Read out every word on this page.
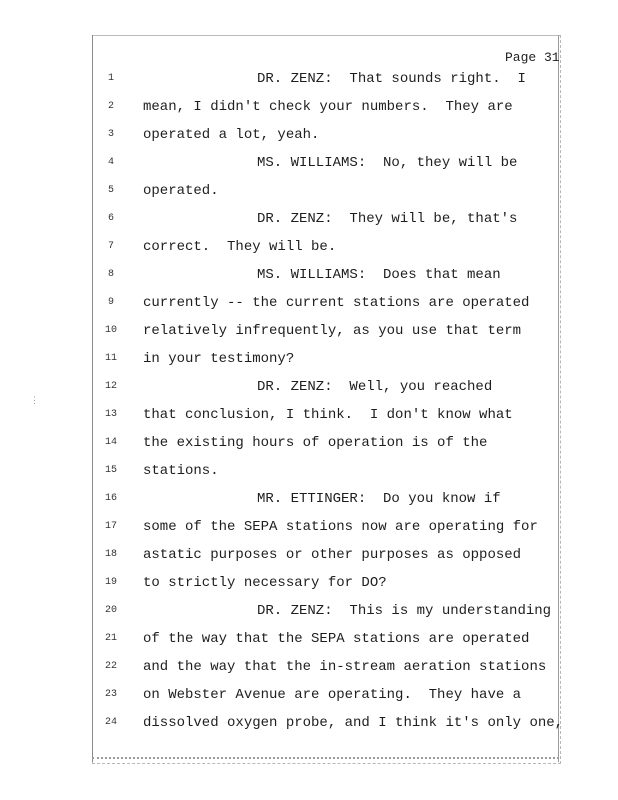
⋮
Page 31
1	DR. ZENZ:  That sounds right.  I
2	mean, I didn't check your numbers.  They are
3	operated a lot, yeah.
4	MS. WILLIAMS:  No, they will be
5	operated.
6	DR. ZENZ:  They will be, that's
7	correct.  They will be.
8	MS. WILLIAMS:  Does that mean
9	currently -- the current stations are operated
10	relatively infrequently, as you use that term
11	in your testimony?
12	DR. ZENZ:  Well, you reached
13	that conclusion, I think.  I don't know what
14	the existing hours of operation is of the
15	stations.
16	MR. ETTINGER:  Do you know if
17	some of the SEPA stations now are operating for
18	astatic purposes or other purposes as opposed
19	to strictly necessary for DO?
20	DR. ZENZ:  This is my understanding
21	of the way that the SEPA stations are operated
22	and the way that the in-stream aeration stations
23	on Webster Avenue are operating.  They have a
24	dissolved oxygen probe, and I think it's only one,
